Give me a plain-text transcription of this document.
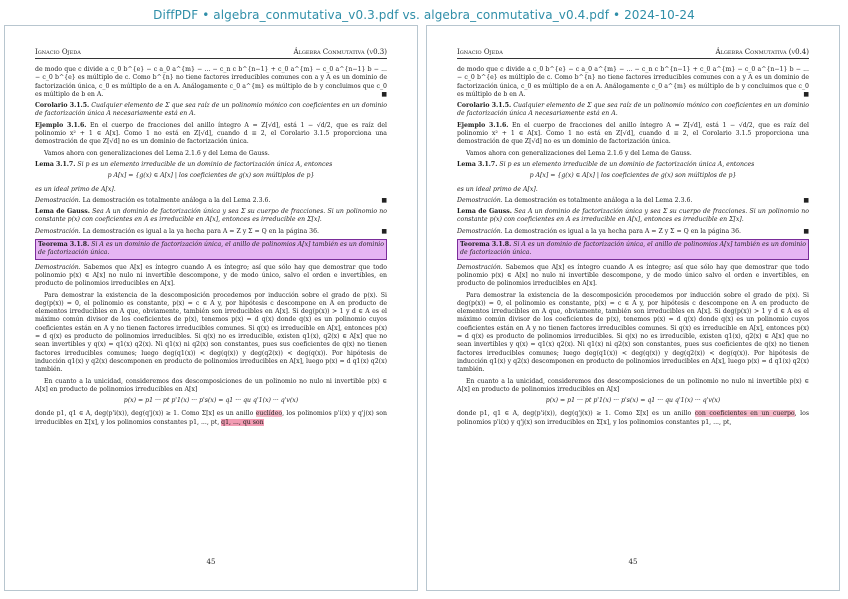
DiffPDF • algebra_conmutativa_v0.3.pdf vs. algebra_conmutativa_v0.4.pdf • 2024-10-24
Ignacio Ojeda	Álgebra Conmutativa (v0.3)

de modo que c divide a c_0 b^{e} − c a_0 a^{m} − ... − c_n c b^{n−1} + c_0 a^{m} − c_0 a^{n−1} b − ... − c_0 b^{e} es múltiplo de c. Como b^{n} no tiene factores irreducibles comunes con a y A es un dominio de factorización única, c_0 es múltiplo de a en A. Análogamente c_0 a^{m} es múltiplo de b y concluimos que c_0 es múltiplo de b en A.	■

Corolario 3.1.5. Cualquier elemento de Σ que sea raíz de un polinomio mónico con coeficientes en un dominio de factorización única A necesariamente está en A.

Ejemplo 3.1.6. En el cuerpo de fracciones del anillo íntegro A = Z[√d], está 1 − √d/2, que es raíz del polinomio x² + 1 ∈ A[x]. Como 1 no está en Z[√d], cuando d ≡ 2, el Corolario 3.1.5 proporciona una demostración de que Z[√d] no es un dominio de factorización única.

Vamos ahora con generalizaciones del Lema 2.1.6 y del Lema de Gauss.

Lema 3.1.7. Si p es un elemento irreducible de un dominio de factorización única A, entonces

p A[x] = {g(x) ∈ A[x] | los coeficientes de g(x) son múltiplos de p}

es un ideal primo de A[x].

Demostración. La demostración es totalmente análoga a la del Lema 2.3.6.	■

Lema de Gauss. Sea A un dominio de factorización única y sea Σ su cuerpo de fracciones. Si un polinomio no constante p(x) con coeficientes en A es irreducible en A[x], entonces es irreducible en Σ[x].

Demostración. La demostración es igual a la ya hecha para A = Z y Σ = Q en la página 36.	■

Teorema 3.1.8. Si A es un dominio de factorización única, el anillo de polinomios A[x] también es un dominio de factorización única.

Demostración. Sabemos que A[x] es íntegro cuando A es íntegro; así que sólo hay que demostrar que todo polinomio p(x) ∈ A[x] no nulo ni invertible descompone, y de modo único, salvo el orden e invertibles, en producto de polinomios irreducibles en A[x].

Para demostrar la existencia de la descomposición procedemos por inducción sobre el grado de p(x). Si deg(p(x)) = 0, el polinomio es constante, p(x) = c ∈ A y, por hipótesis c descompone en A en producto de elementos irreducibles en A que, obviamente, también son irreducibles en A[x]. Si deg(p(x)) > 1 y d ∈ A es el máximo común divisor de los coeficientes de p(x), tenemos p(x) = d q(x) donde q(x) es un polinomio cuyos coeficientes están en A y no tienen factores irreducibles comunes. Si q(x) es irreducible en A[x], entonces p(x) = d q(x) es producto de polinomios irreducibles. Si q(x) no es irreducible, existen q1(x), q2(x) ∈ A[x] que no sean invertibles y q(x) = q1(x) q2(x). Ni q1(x) ni q2(x) son constantes, pues sus coeficientes de q(x) no tienen factores irreducibles comunes; luego deg(q1(x)) < deg(q(x)) y deg(q2(x)) < deg(q(x)). Por hipótesis de inducción q1(x) y q2(x) descomponen en producto de polinomios irreducibles en A[x], luego p(x) = d q1(x) q2(x) también.

En cuanto a la unicidad, consideremos dos descomposiciones de un polinomio no nulo ni invertible p(x) ∈ A[x] en producto de polinomios irreducibles en A[x]

p(x) = p1 ··· pt p'1(x) ··· p's(x) = q1 ··· qu q'1(x) ··· q'v(x)

donde p1, q1 ∈ A, deg(p'i(x)), deg(q'j(x)) ≥ 1. Como Σ[x] es un anillo euclídeo, los polinomios p'i(x) y q'j(x) son irreducibles en Σ[x], y los polinomios constantes p1, ..., pt, q1, ..., qu son

45
Ignacio Ojeda	Álgebra Conmutativa (v0.4)

de modo que c divide a c_0 b^{e} − c a_0 a^{m} − ... − c_n c b^{n−1} + c_0 a^{m} − c_0 a^{n−1} b − ... − c_0 b^{e} es múltiplo de c. Como b^{n} no tiene factores irreducibles comunes con a y A es un dominio de factorización única, c_0 es múltiplo de a en A. Análogamente c_0 a^{m} es múltiplo de b y concluimos que c_0 es múltiplo de b en A.	■

Corolario 3.1.5. Cualquier elemento de Σ que sea raíz de un polinomio mónico con coeficientes en un dominio de factorización única A necesariamente está en A.

Ejemplo 3.1.6. En el cuerpo de fracciones del anillo íntegro A = Z[√d], está 1 − √d/2, que es raíz del polinomio x² + 1 ∈ A[x]. Como 1 no está en Z[√d], cuando d ≡ 2, el Corolario 3.1.5 proporciona una demostración de que Z[√d] no es un dominio de factorización única.

Vamos ahora con generalizaciones del Lema 2.1.6 y del Lema de Gauss.

Lema 3.1.7. Si p es un elemento irreducible de un dominio de factorización única A, entonces

p A[x] = {g(x) ∈ A[x] | los coeficientes de g(x) son múltiplos de p}

es un ideal primo de A[x].

Demostración. La demostración es totalmente análoga a la del Lema 2.3.6.	■

Lema de Gauss. Sea A un dominio de factorización única y sea Σ su cuerpo de fracciones. Si un polinomio no constante p(x) con coeficientes en A es irreducible en A[x], entonces es irreducible en Σ[x].

Demostración. La demostración es igual a la ya hecha para A = Z y Σ = Q en la página 36.	■

Teorema 3.1.8. Si A es un dominio de factorización única, el anillo de polinomios A[x] también es un dominio de factorización única.

Demostración. Sabemos que A[x] es íntegro cuando A es íntegro; así que sólo hay que demostrar que todo polinomio p(x) ∈ A[x] no nulo ni invertible descompone, y de modo único salvo el orden e invertibles, en producto de polinomios irreducibles en A[x].

Para demostrar la existencia de la descomposición procedemos por inducción sobre el grado de p(x). Si deg(p(x)) = 0, el polinomio es constante, p(x) = c ∈ A y, por hipótesis c descompone en A en producto de elementos irreducibles en A que, obviamente, también son irreducibles en A[x]. Si deg(p(x)) > 1 y d ∈ A es el máximo común divisor de los coeficientes de p(x), tenemos p(x) = d q(x) donde q(x) es un polinomio cuyos coeficientes están en A y no tienen factores irreducibles comunes. Si q(x) es irreducible en A[x], entonces p(x) = d q(x) es producto de polinomios irreducibles. Si q(x) no es irreducible, existen q1(x), q2(x) ∈ A[x] que no sean invertibles y q(x) = q1(x) q2(x). Ni q1(x) ni q2(x) son constantes, pues sus coeficientes de q(x) no tienen factores irreducibles comunes; luego deg(q1(x)) < deg(q(x)) y deg(q2(x)) < deg(q(x)). Por hipótesis de inducción q1(x) y q2(x) descomponen en producto de polinomios irreducibles en A[x], luego p(x) = d q1(x) q2(x) también.

En cuanto a la unicidad, consideremos dos descomposiciones de un polinomio no nulo ni invertible p(x) ∈ A[x] en producto de polinomios irreducibles en A[x]

p(x) = p1 ··· pt p'1(x) ··· p's(x) = q1 ··· qu q'1(x) ··· q'v(x)

donde p1, q1 ∈ A, deg(p'i(x)), deg(q'j(x)) ≥ 1. Como Σ[x] es un anillo con coeficientes en un cuerpo, los polinomios p'i(x) y q'j(x) son irreducibles en Σ[x], y los polinomios constantes p1, ..., pt,

45
